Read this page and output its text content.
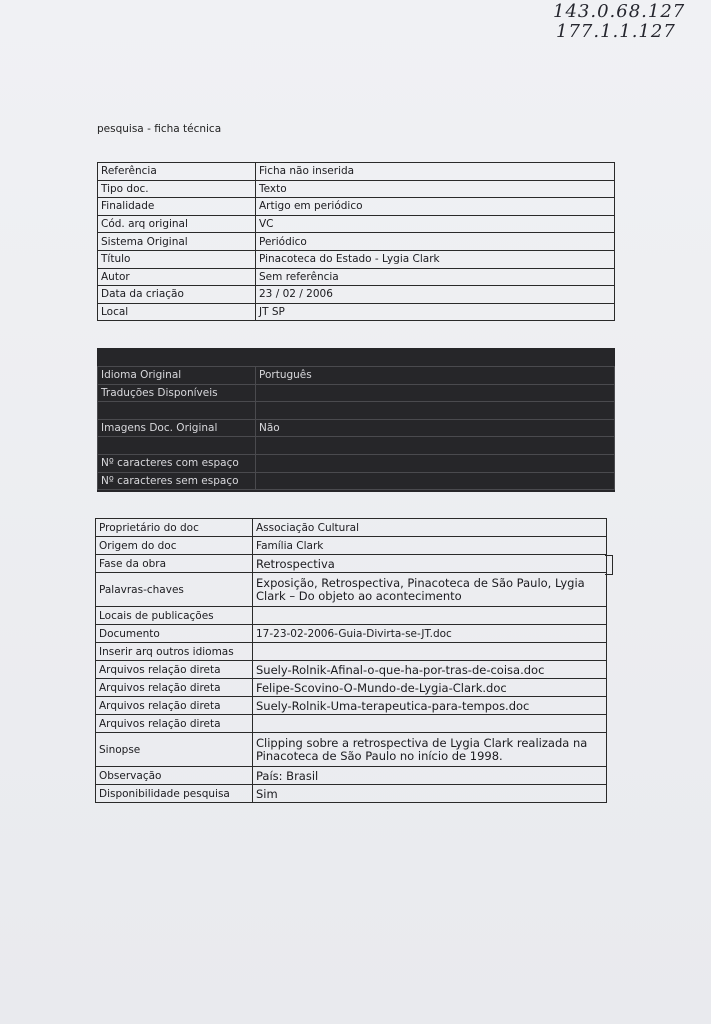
143.0.68.127
177.1.1.127
pesquisa - ficha técnica
Referência	Ficha não inserida
Tipo doc.	Texto
Finalidade	Artigo em periódico
Cód. arq original	VC
Sistema Original	Periódico
Título	Pinacoteca do Estado - Lygia Clark
Autor	Sem referência
Data da criação	23 / 02 / 2006
Local	JT SP
Idioma Original	Português
Traduções Disponíveis	

Imagens Doc. Original	Não

Nº caracteres com espaço	
Nº caracteres sem espaço	
Proprietário do doc	Associação Cultural
Origem do doc	Família Clark
Fase da obra	Retrospectiva
Palavras-chaves	Exposição, Retrospectiva, Pinacoteca de São Paulo, Lygia Clark – Do objeto ao acontecimento
Locais de publicações	
Documento	17-23-02-2006-Guia-Divirta-se-JT.doc
Inserir arq outros idiomas	
Arquivos relação direta	Suely-Rolnik-Afinal-o-que-ha-por-tras-de-coisa.doc
Arquivos relação direta	Felipe-Scovino-O-Mundo-de-Lygia-Clark.doc
Arquivos relação direta	Suely-Rolnik-Uma-terapeutica-para-tempos.doc
Arquivos relação direta	
Sinopse	Clipping sobre a retrospectiva de Lygia Clark realizada na Pinacoteca de São Paulo no início de 1998.
Observação	País: Brasil
Disponibilidade pesquisa	Sim
